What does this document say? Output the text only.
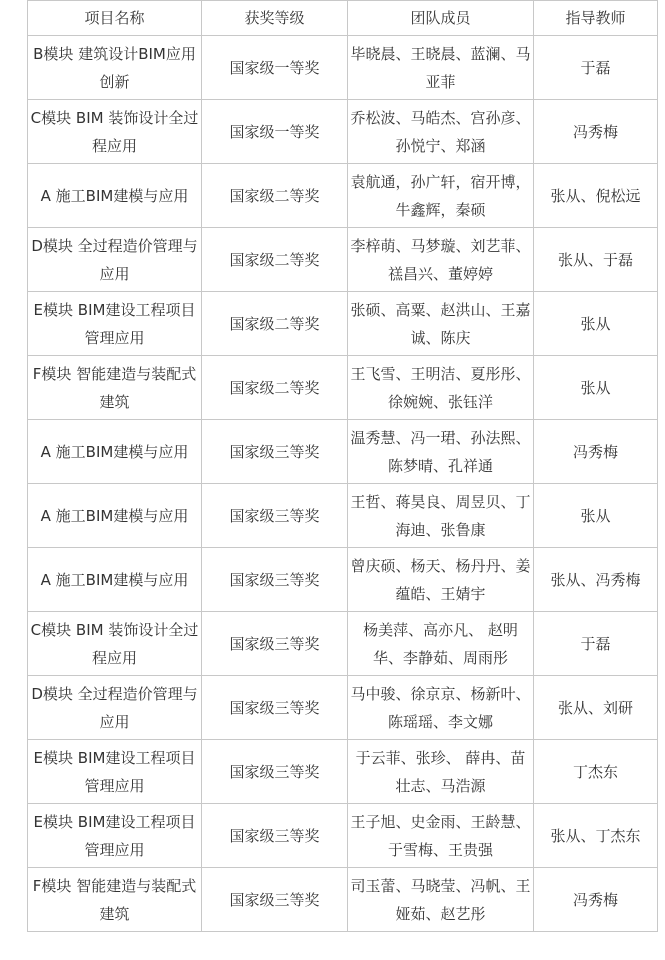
项目名称	获奖等级	团队成员	指导教师
B模块 建筑设计BIM应用创新	国家级一等奖	毕晓晨、王晓晨、蓝澜、马亚菲	于磊
C模块 BIM 装饰设计全过程应用	国家级一等奖	乔松波、马皓杰、宫孙彦、孙悦宁、郑涵	冯秀梅
A 施工BIM建模与应用	国家级二等奖	袁航通，孙广轩，宿开博，牛鑫辉，秦硕	张从、倪松远
D模块 全过程造价管理与应用	国家级二等奖	李梓萌、马梦璇、刘艺菲、禚昌兴、董婷婷	张从、于磊
E模块 BIM建设工程项目管理应用	国家级二等奖	张硕、高粟、赵洪山、王嘉诚、陈庆	张从
F模块 智能建造与装配式建筑	国家级二等奖	王飞雪、王明洁、夏彤彤、徐婉婉、张钰洋	张从
A 施工BIM建模与应用	国家级三等奖	温秀慧、冯一珺、孙法熙、陈梦晴、孔祥通	冯秀梅
A 施工BIM建模与应用	国家级三等奖	王哲、蒋昊良、周昱贝、丁海迪、张鲁康	张从
A 施工BIM建模与应用	国家级三等奖	曾庆硕、杨天、杨丹丹、姜蕴皓、王婧宇	张从、冯秀梅
C模块 BIM 装饰设计全过程应用	国家级三等奖	杨美萍、高亦凡、 赵明华、李静茹、周雨彤	于磊
D模块 全过程造价管理与应用	国家级三等奖	马中骏、徐京京、杨新叶、陈瑶瑶、李文娜	张从、刘研
E模块 BIM建设工程项目管理应用	国家级三等奖	于云菲、张珍、 薛冉、苗壮志、马浩源	丁杰东
E模块 BIM建设工程项目管理应用	国家级三等奖	王子旭、史金雨、王龄慧、于雪梅、王贵强	张从、丁杰东
F模块 智能建造与装配式建筑	国家级三等奖	司玉蕾、马晓莹、冯帆、王娅茹、赵艺彤	冯秀梅
